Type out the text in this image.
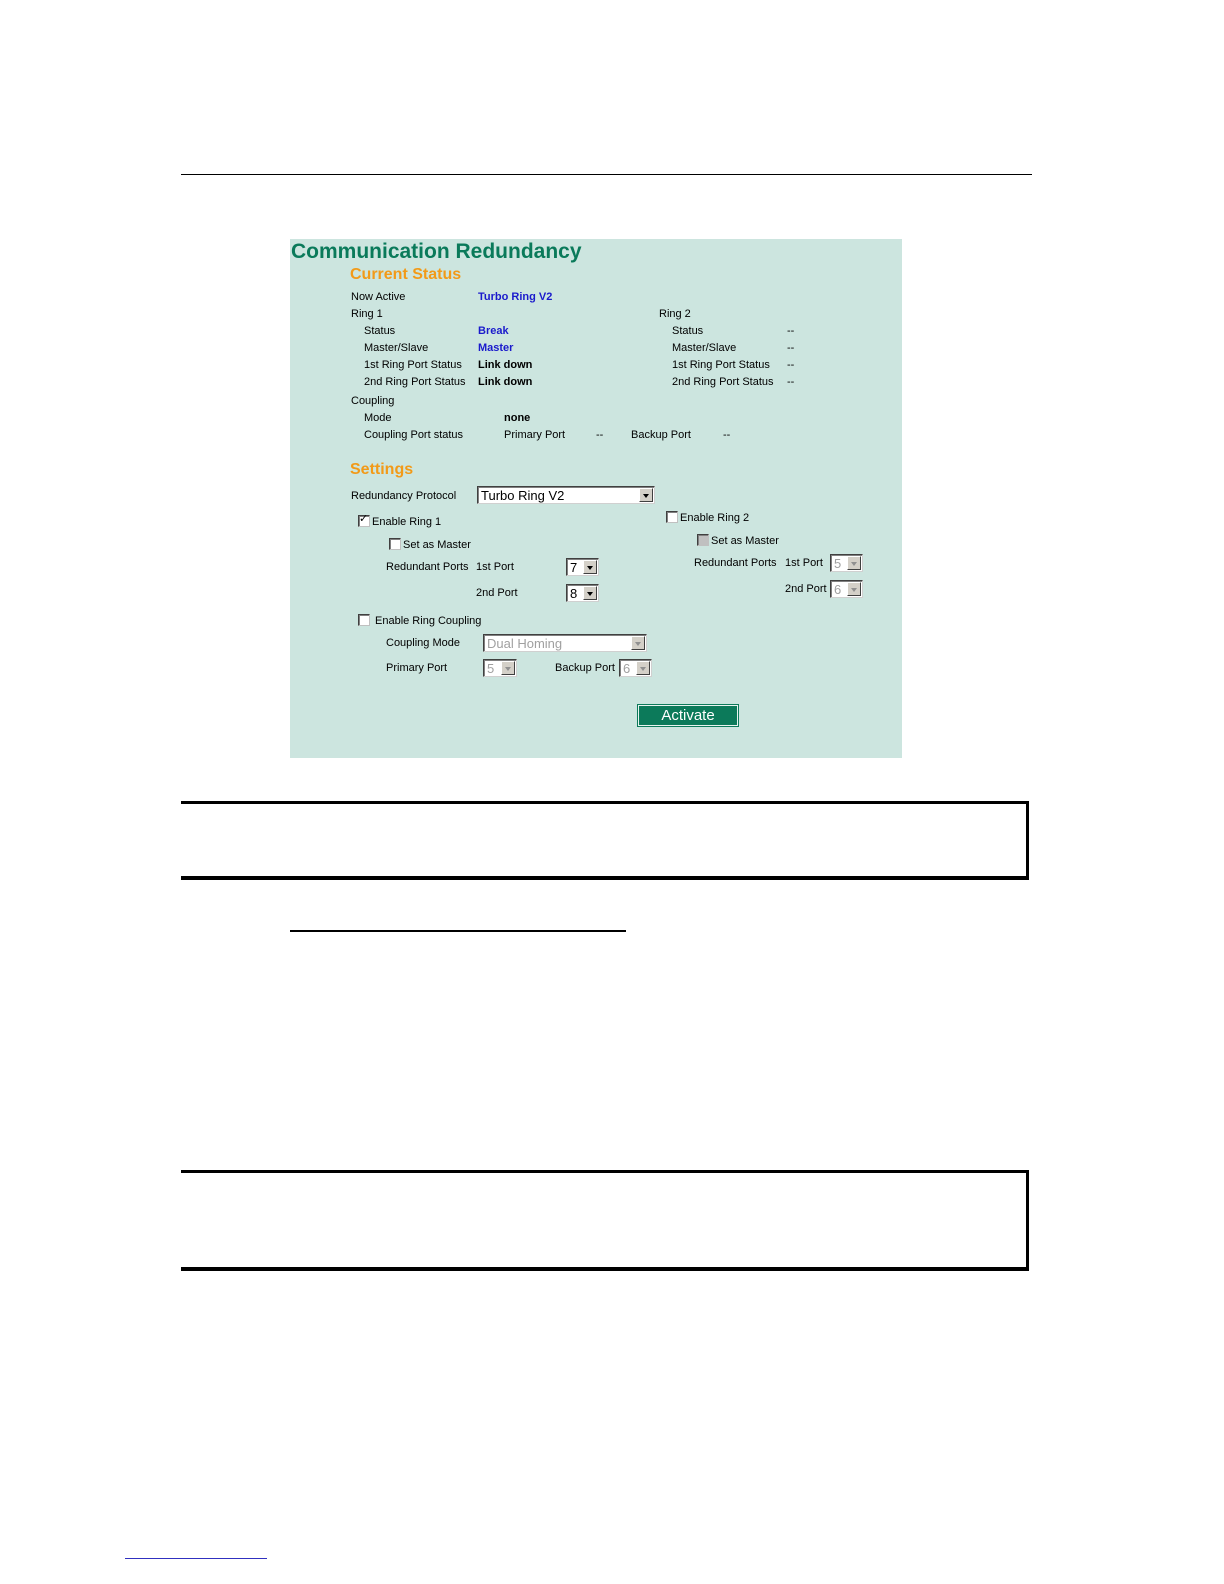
Communication Redundancy
Current Status
Now Active	Turbo Ring V2
Ring 1
Status	Break
Master/Slave	Master
1st Ring Port Status Link down
2nd Ring Port Status Link down
Ring 2
Status	--
Master/Slave	--
1st Ring Port Status --
2nd Ring Port Status --
Coupling
Mode	none
Coupling Port status	Primary Port	--	Backup Port	--
Settings
Redundancy Protocol Turbo Ring V2
✓ Enable Ring 1
Set as Master
Redundant Ports 1st Port	7
2nd Port	8
Enable Ring 2
Set as Master
Redundant Ports 1st Port 5
2nd Port 6
Enable Ring Coupling
Coupling Mode Dual Homing
Primary Port	5	Backup Port 6
Activate
